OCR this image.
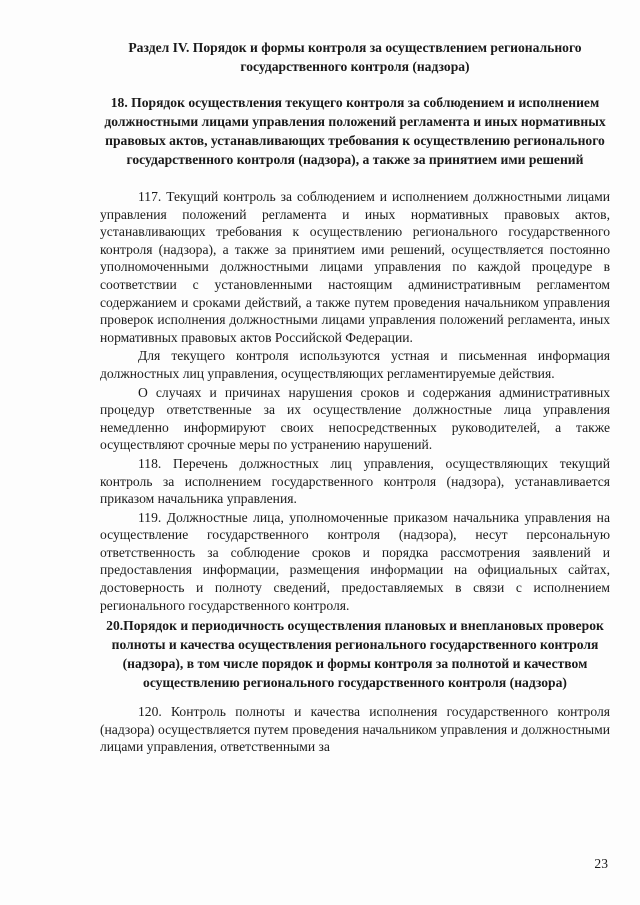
Раздел IV. Порядок и формы контроля за осуществлением регионального государственного контроля (надзора)

18. Порядок осуществления текущего контроля за соблюдением и исполнением должностными лицами управления положений регламента и иных нормативных правовых актов, устанавливающих требования к осуществлению регионального государственного контроля (надзора), а также за принятием ими решений

117. Текущий контроль за соблюдением и исполнением должностными лицами управления положений регламента и иных нормативных правовых актов, устанавливающих требования к осуществлению регионального государственного контроля (надзора), а также за принятием ими решений, осуществляется постоянно уполномоченными должностными лицами управления по каждой процедуре в соответствии с установленными настоящим административным регламентом содержанием и сроками действий, а также путем проведения начальником управления проверок исполнения должностными лицами управления положений регламента, иных нормативных правовых актов Российской Федерации.

Для текущего контроля используются устная и письменная информация должностных лиц управления, осуществляющих регламентируемые действия.

О случаях и причинах нарушения сроков и содержания административных процедур ответственные за их осуществление должностные лица управления немедленно информируют своих непосредственных руководителей, а также осуществляют срочные меры по устранению нарушений.

118. Перечень должностных лиц управления, осуществляющих текущий контроль за исполнением государственного контроля (надзора), устанавливается приказом начальника управления.

119. Должностные лица, уполномоченные приказом начальника управления на осуществление государственного контроля (надзора), несут персональную ответственность за соблюдение сроков и порядка рассмотрения заявлений и предоставления информации, размещения информации на официальных сайтах, достоверность и полноту сведений, предоставляемых в связи с исполнением регионального государственного контроля.

20.Порядок и периодичность осуществления плановых и внеплановых проверок полноты и качества осуществления регионального государственного контроля (надзора), в том числе порядок и формы контроля за полнотой и качеством осуществлению регионального государственного контроля (надзора)

120. Контроль полноты и качества исполнения государственного контроля (надзора) осуществляется путем проведения начальником управления и должностными лицами управления, ответственными за

23
